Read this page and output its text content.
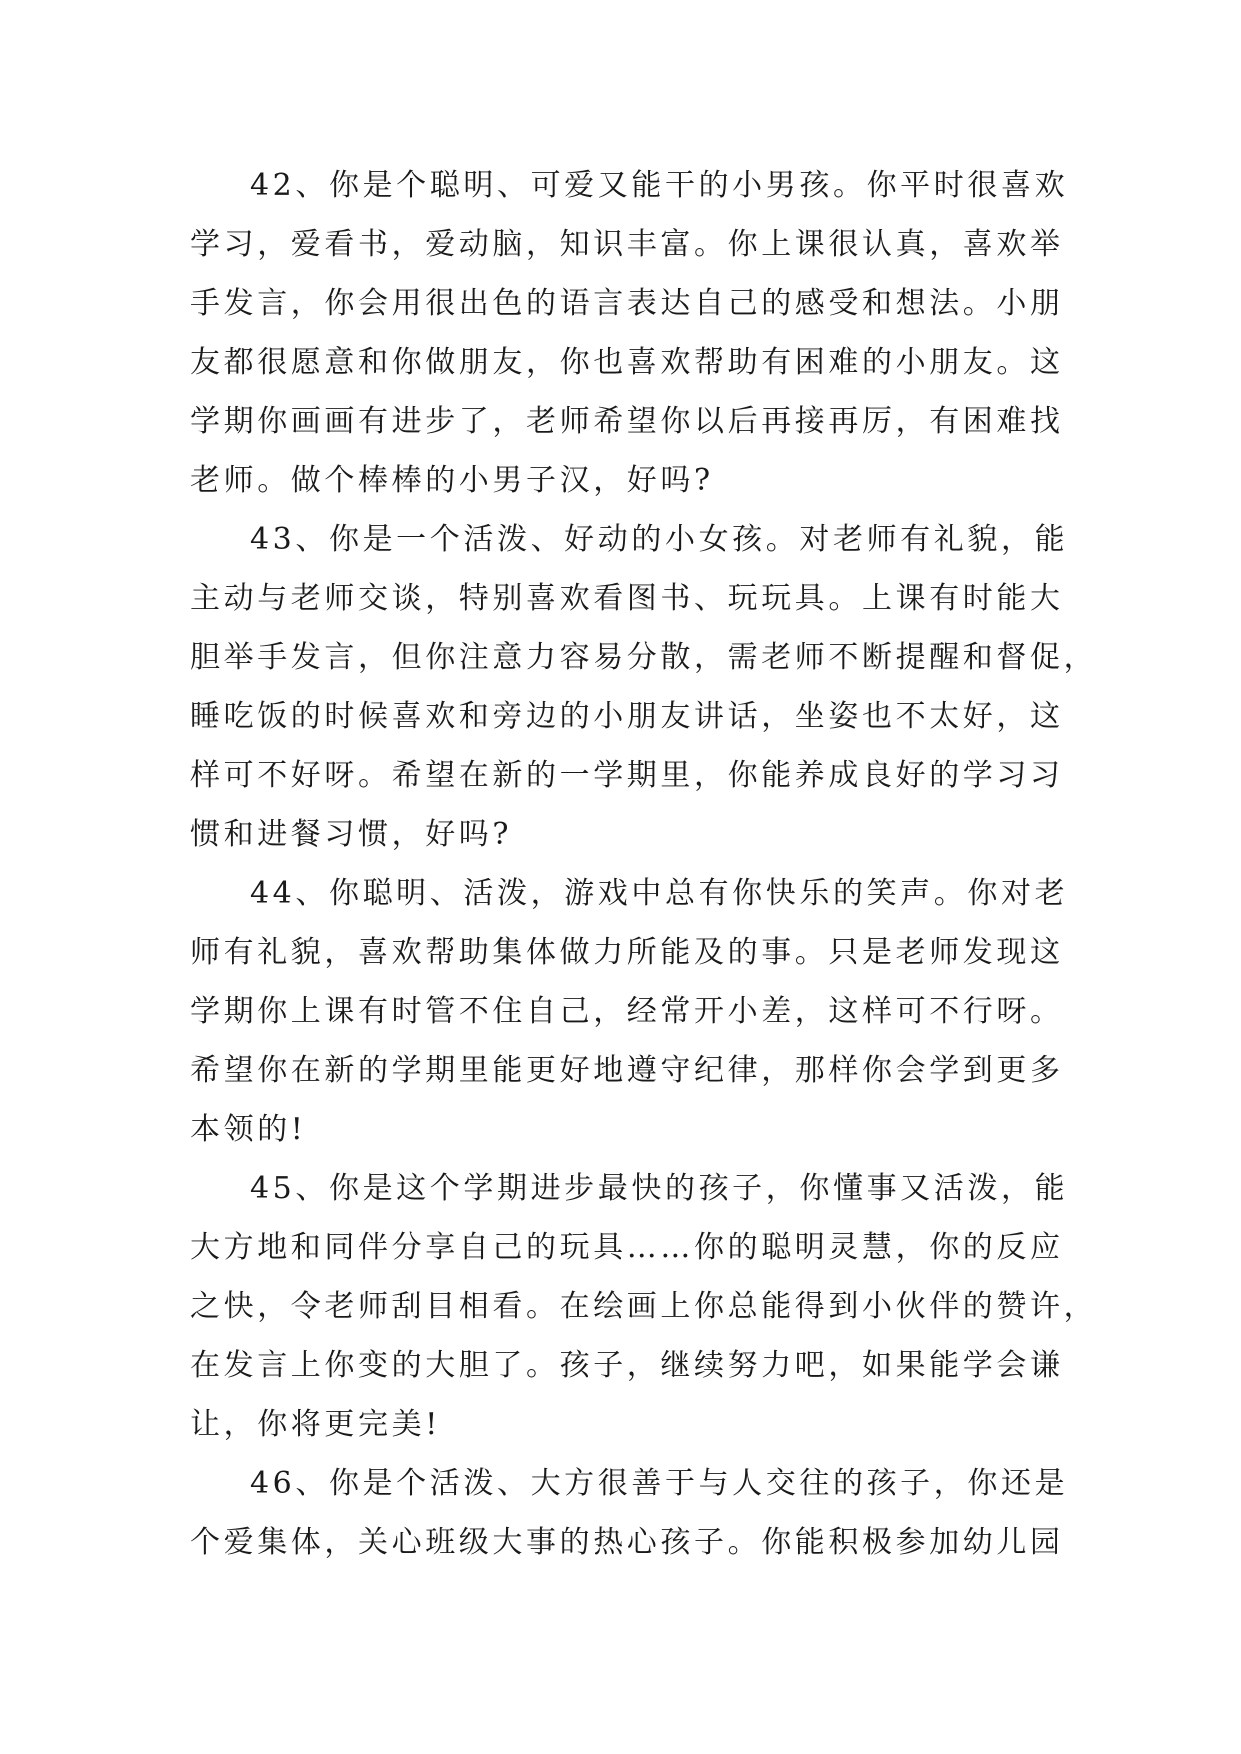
42、你是个聪明、可爱又能干的小男孩。你平时很喜欢
学习，爱看书，爱动脑，知识丰富。你上课很认真，喜欢举
手发言，你会用很出色的语言表达自己的感受和想法。小朋
友都很愿意和你做朋友，你也喜欢帮助有困难的小朋友。这
学期你画画有进步了，老师希望你以后再接再厉，有困难找
老师。做个棒棒的小男子汉，好吗?
43、你是一个活泼、好动的小女孩。对老师有礼貌，能
主动与老师交谈，特别喜欢看图书、玩玩具。上课有时能大
胆举手发言，但你注意力容易分散，需老师不断提醒和督促，
睡吃饭的时候喜欢和旁边的小朋友讲话，坐姿也不太好，这
样可不好呀。希望在新的一学期里，你能养成良好的学习习
惯和进餐习惯，好吗?
44、你聪明、活泼，游戏中总有你快乐的笑声。你对老
师有礼貌，喜欢帮助集体做力所能及的事。只是老师发现这
学期你上课有时管不住自己，经常开小差，这样可不行呀。
希望你在新的学期里能更好地遵守纪律，那样你会学到更多
本领的!
45、你是这个学期进步最快的孩子，你懂事又活泼，能
大方地和同伴分享自己的玩具……你的聪明灵慧，你的反应
之快，令老师刮目相看。在绘画上你总能得到小伙伴的赞许，
在发言上你变的大胆了。孩子，继续努力吧，如果能学会谦
让，你将更完美!
46、你是个活泼、大方很善于与人交往的孩子，你还是
个爱集体，关心班级大事的热心孩子。你能积极参加幼儿园
